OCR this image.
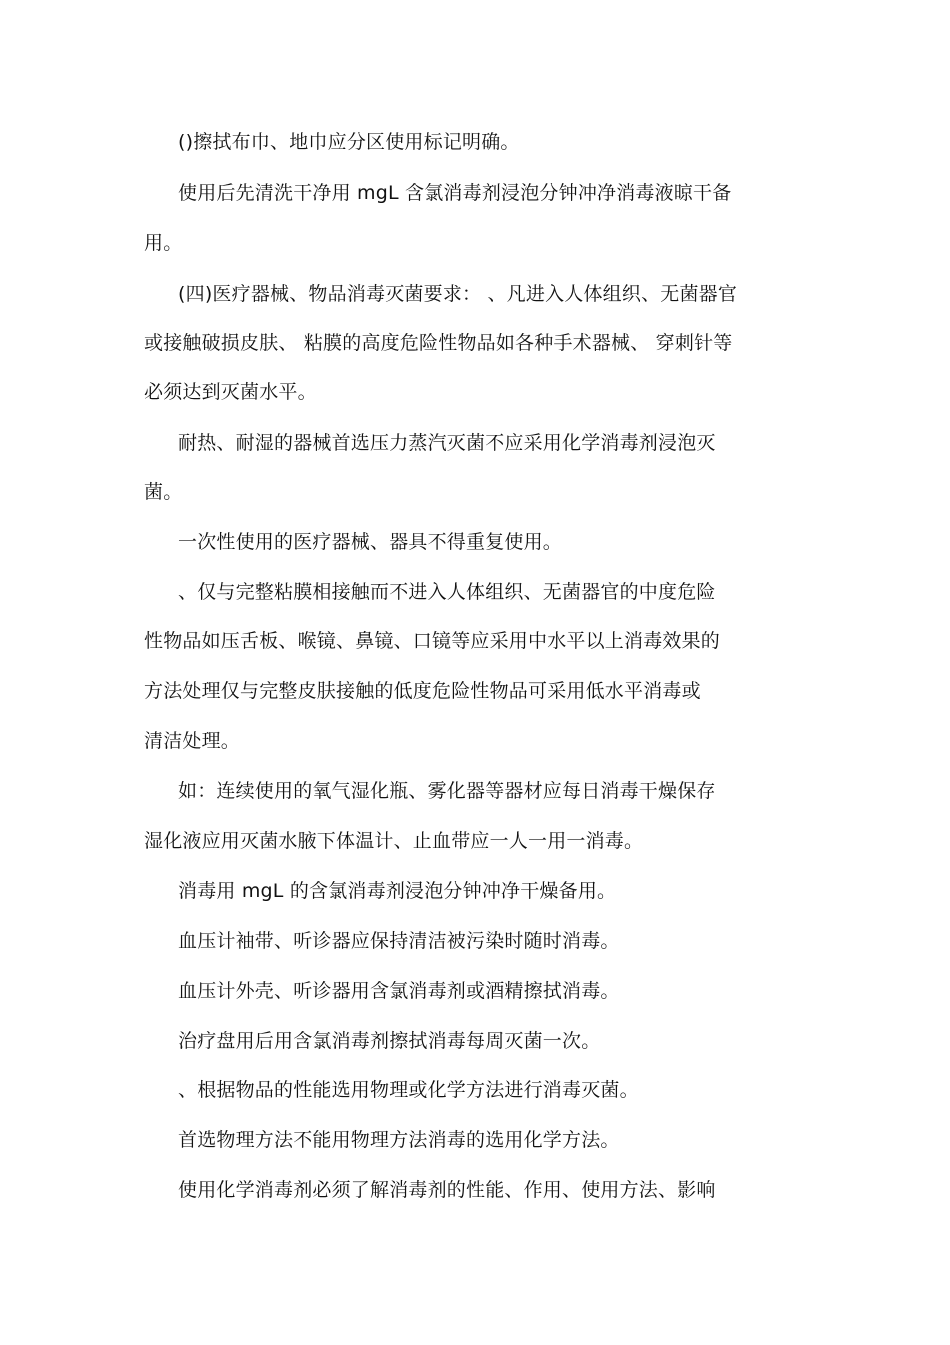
()擦拭布巾、地巾应分区使用标记明确。
使用后先清洗干净用 mgL 含氯消毒剂浸泡分钟冲净消毒液晾干备
用。
(四)医疗器械、物品消毒灭菌要求： 、凡进入人体组织、无菌器官
或接触破损皮肤、 粘膜的高度危险性物品如各种手术器械、 穿刺针等
必须达到灭菌水平。
耐热、耐湿的器械首选压力蒸汽灭菌不应采用化学消毒剂浸泡灭
菌。
一次性使用的医疗器械、器具不得重复使用。
、仅与完整粘膜相接触而不进入人体组织、无菌器官的中度危险
性物品如压舌板、喉镜、鼻镜、口镜等应采用中水平以上消毒效果的
方法处理仅与完整皮肤接触的低度危险性物品可采用低水平消毒或
清洁处理。
如：连续使用的氧气湿化瓶、雾化器等器材应每日消毒干燥保存
湿化液应用灭菌水腋下体温计、止血带应一人一用一消毒。
消毒用 mgL 的含氯消毒剂浸泡分钟冲净干燥备用。
血压计袖带、听诊器应保持清洁被污染时随时消毒。
血压计外壳、听诊器用含氯消毒剂或酒精擦拭消毒。
治疗盘用后用含氯消毒剂擦拭消毒每周灭菌一次。
、根据物品的性能选用物理或化学方法进行消毒灭菌。
首选物理方法不能用物理方法消毒的选用化学方法。
使用化学消毒剂必须了解消毒剂的性能、作用、使用方法、影响
